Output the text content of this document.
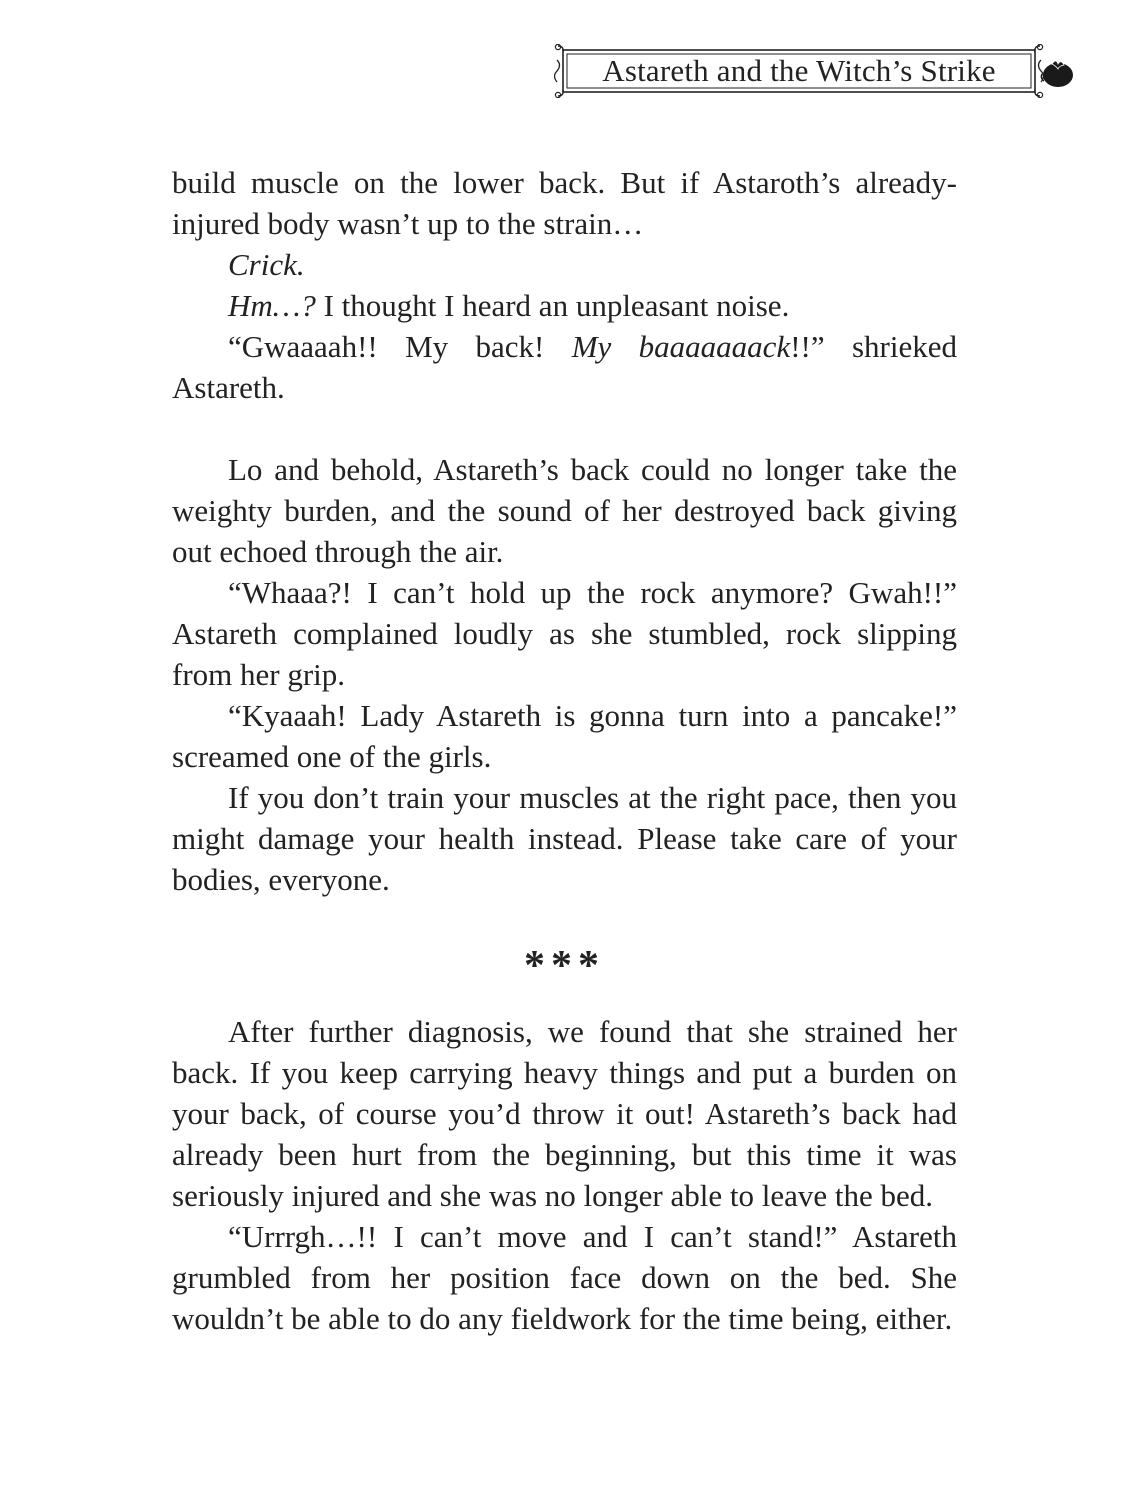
Astareth and the Witch’s Strike

build muscle on the lower back. But if Astaroth’s already-injured body wasn’t up to the strain…

Crick.

Hm…? I thought I heard an unpleasant noise.

“Gwaaaah!! My back! My baaaaaaack!!” shrieked Astareth.

Lo and behold, Astareth’s back could no longer take the weighty burden, and the sound of her destroyed back giving out echoed through the air.

“Whaaa?! I can’t hold up the rock anymore? Gwah!!” Astareth complained loudly as she stumbled, rock slipping from her grip.

“Kyaaah! Lady Astareth is gonna turn into a pancake!” screamed one of the girls.

If you don’t train your muscles at the right pace, then you might damage your health instead. Please take care of your bodies, everyone.

***

After further diagnosis, we found that she strained her back. If you keep carrying heavy things and put a burden on your back, of course you’d throw it out! Astareth’s back had already been hurt from the beginning, but this time it was seriously injured and she was no longer able to leave the bed.

“Urrrgh…!! I can’t move and I can’t stand!” Astareth grumbled from her position face down on the bed. She wouldn’t be able to do any fieldwork for the time being, either.
